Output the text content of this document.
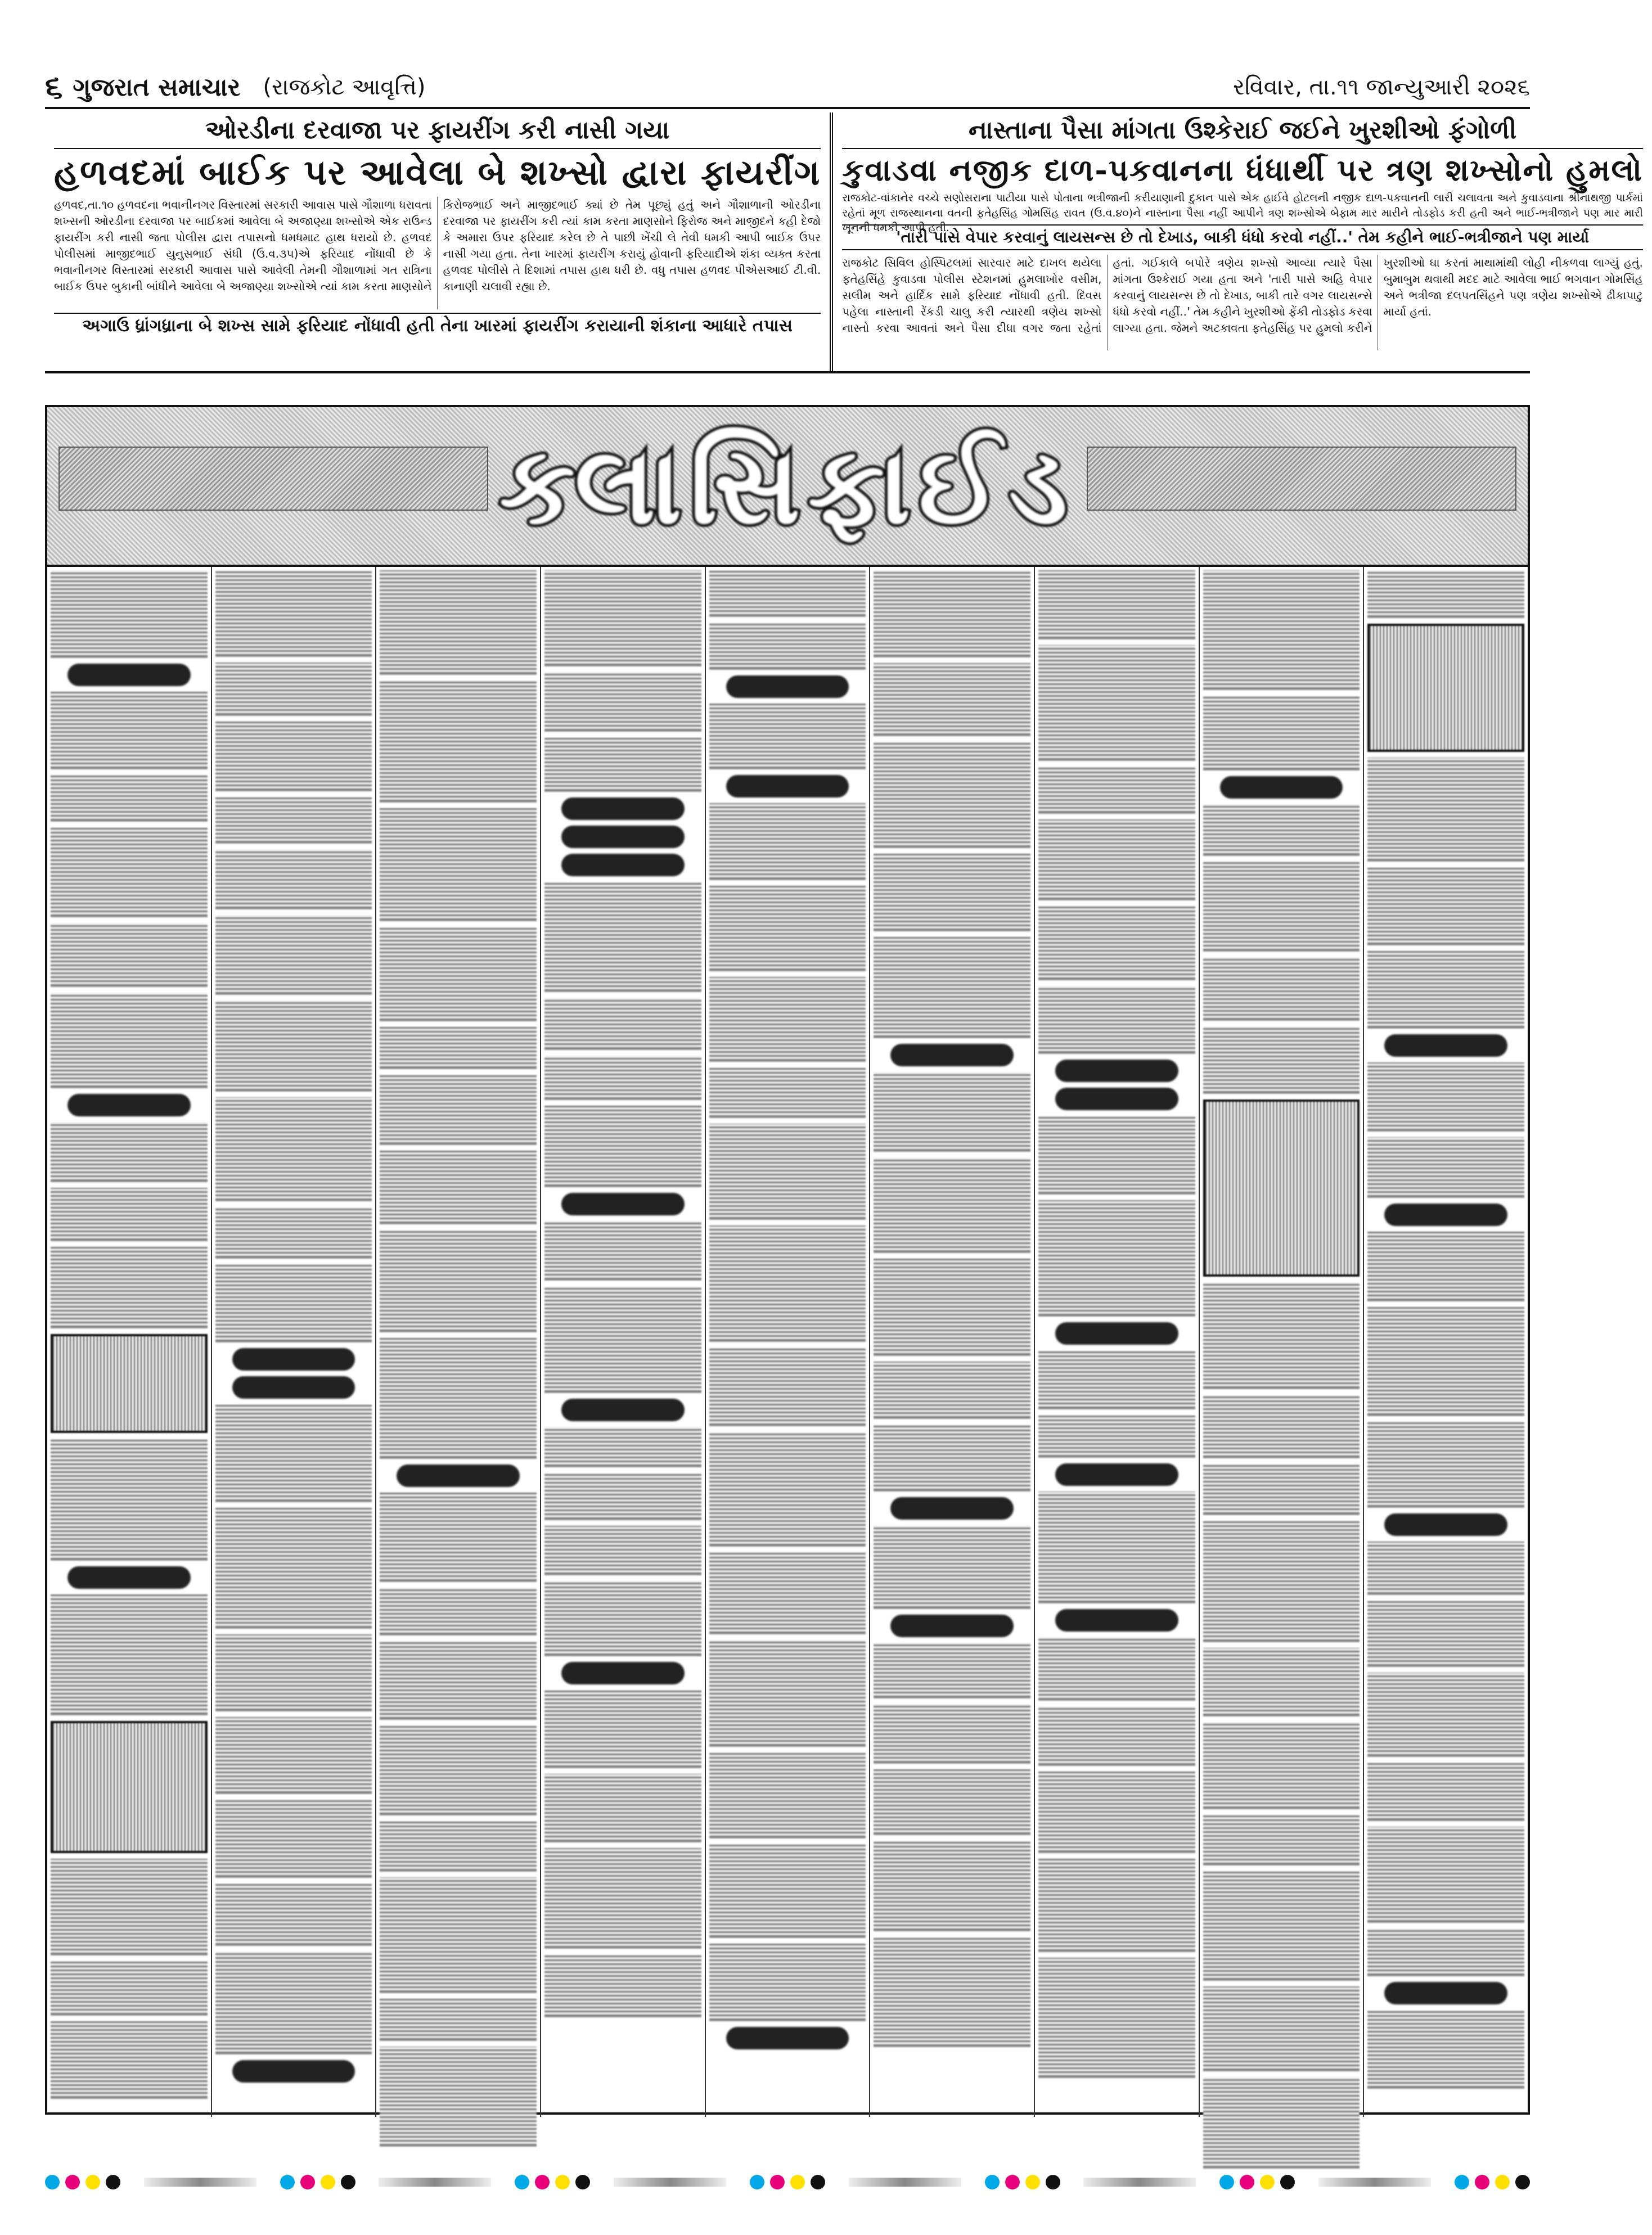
૬ ગુજરાત સમાચાર (રાજકોટ આવૃત્તિ)	રવિવાર, તા.૧૧ જાન્યુઆરી ૨૦૨૬
ઓરડીના દરવાજા પર ફાયરીંગ કરી નાસી ગયા
હળવદમાં બાઈક પર આવેલા બે શખ્સો દ્વારા ફાયરીંગ
હળવદ,તા.૧૦ હળવદના ભવાનીનગર વિસ્તારમાં સરકારી આવાસ પાસે ગૌશાળા ધરાવતા શખ્સની ઓરડીના દરવાજા પર બાઈકમાં આવેલા બે અજાણ્યા શખ્સોએ એક રાઉન્ડ ફાયરીંગ કરી નાસી જતા પોલીસ દ્વારા તપાસનો ધમધમાટ હાથ ધરાયો છે. હળવદ પોલીસમાં માજીદભાઈ યુનુસભાઈ સંધી (ઉ.વ.૩૫)એ ફરિયાદ નોંધાવી છે કે ભવાનીનગર વિસ્તારમાં સરકારી આવાસ પાસે આવેલી તેમની ગૌશાળામાં ગત રાત્રિના બાઈક ઉપર બુકાની બાંધીને આવેલા બે અજાણ્યા શખ્સોએ ત્યાં કામ કરતા માણસોને કિરોજભાઈ અને માજીદભાઈ ક્યાં છે તેમ પૂછ્યું હતું અને ગૌશાળાની ઓરડીના દરવાજા પર ફાયરીંગ કરી ત્યાં કામ કરતા માણસોને ફિરોજ અને માજીદને કહી દેજો કે અમારા ઉપર ફરિયાદ કરેલ છે તે પાછી ખેંચી લે તેવી ધમકી આપી બાઈક ઉપર નાસી ગયા હતા. તેના ખારમાં ફાયરીંગ કરાયું હોવાની ફરિયાદીએ શંકા વ્યક્ત કરતા હળવદ પોલીસે તે દિશામાં તપાસ હાથ ધરી છે. વધુ તપાસ હળવદ પીએસઆઈ ટી.વી. કાનાણી ચલાવી રહ્યા છે.
અગાઉ ધ્રાંગધ્રાના બે શખ્સ સામે ફરિયાદ નોંધાવી હતી તેના ખારમાં ફાયરીંગ કરાયાની શંકાના આધારે તપાસ
નાસ્તાના પૈસા માંગતા ઉશ્કેરાઈ જઈને ખુરશીઓ ફંગોળી
કુવાડવા નજીક દાળ-પકવાનના ધંધાર્થી પર ત્રણ શખ્સોનો હુમલો
રાજકોટ-વાંકાનેર વચ્ચે સણોસરાના પાટીયા પાસે પોતાના ભત્રીજાની કરીયાણાની દુકાન પાસે એક હાઈવે હોટલની નજીક દાળ-પકવાનની લારી ચલાવતા અને કુવાડવાના શ્રીનાથજી પાર્કમાં રહેતાં મૂળ રાજસ્થાનના વતની ફતેહસિંહ ગોમસિંહ રાવત (ઉ.વ.૪૦)ને નાસ્તાના પૈસા નહીં આપીને ત્રણ શખ્સોએ બેફામ માર મારીને તોડફોડ કરી હતી અને ભાઈ-ભત્રીજાને પણ માર મારી ખૂનની ધમકી આપી હતી.
'તારી પાસે વેપાર કરવાનું લાયસન્સ છે તો દેખાડ, બાકી ધંધો કરવો નહીં..' તેમ કહીને ભાઈ-ભત્રીજાને પણ માર્યા
રાજકોટ સિવિલ હોસ્પિટલમાં સારવાર માટે દાખલ થયેલા ફતેહસિંહે કુવાડવા પોલીસ સ્ટેશનમાં હુમલાખોર વસીમ, સલીમ અને હાર્દિક સામે ફરિયાદ નોંધાવી હતી. દિવસ પહેલા નાસ્તાની રેંકડી ચાલુ કરી ત્યારથી ત્રણેય શખ્સો નાસ્તો કરવા આવતાં અને પૈસા દીધા વગર જતા રહેતાં હતાં. ગઈકાલે બપોરે ત્રણેય શખ્સો આવ્યા ત્યારે પૈસા માંગતા ઉશ્કેરાઈ ગયા હતા અને 'તારી પાસે અહિ વેપાર કરવાનું લાયસન્સ છે તો દેખાડ, બાકી તારે વગર લાયસન્સે ધંધો કરવો નહીં..' તેમ કહીને ખુરશીઓ ફેંકી તોડફોડ કરવા લાગ્યા હતા. જેમને અટકાવતા ફતેહસિંહ પર હુમલો કરીને ખુરશીઓ ઘા કરતાં માથામાંથી લોહી નીકળવા લાગ્યું હતું. બુમાબુમ થવાથી મદદ માટે આવેલા ભાઈ ભગવાન ગોમસિંહ અને ભત્રીજા દલપતસિંહને પણ ત્રણેય શખ્સોએ ઢીકાપાટુ માર્યા હતાં.
ક્લાસિફાઈડ
